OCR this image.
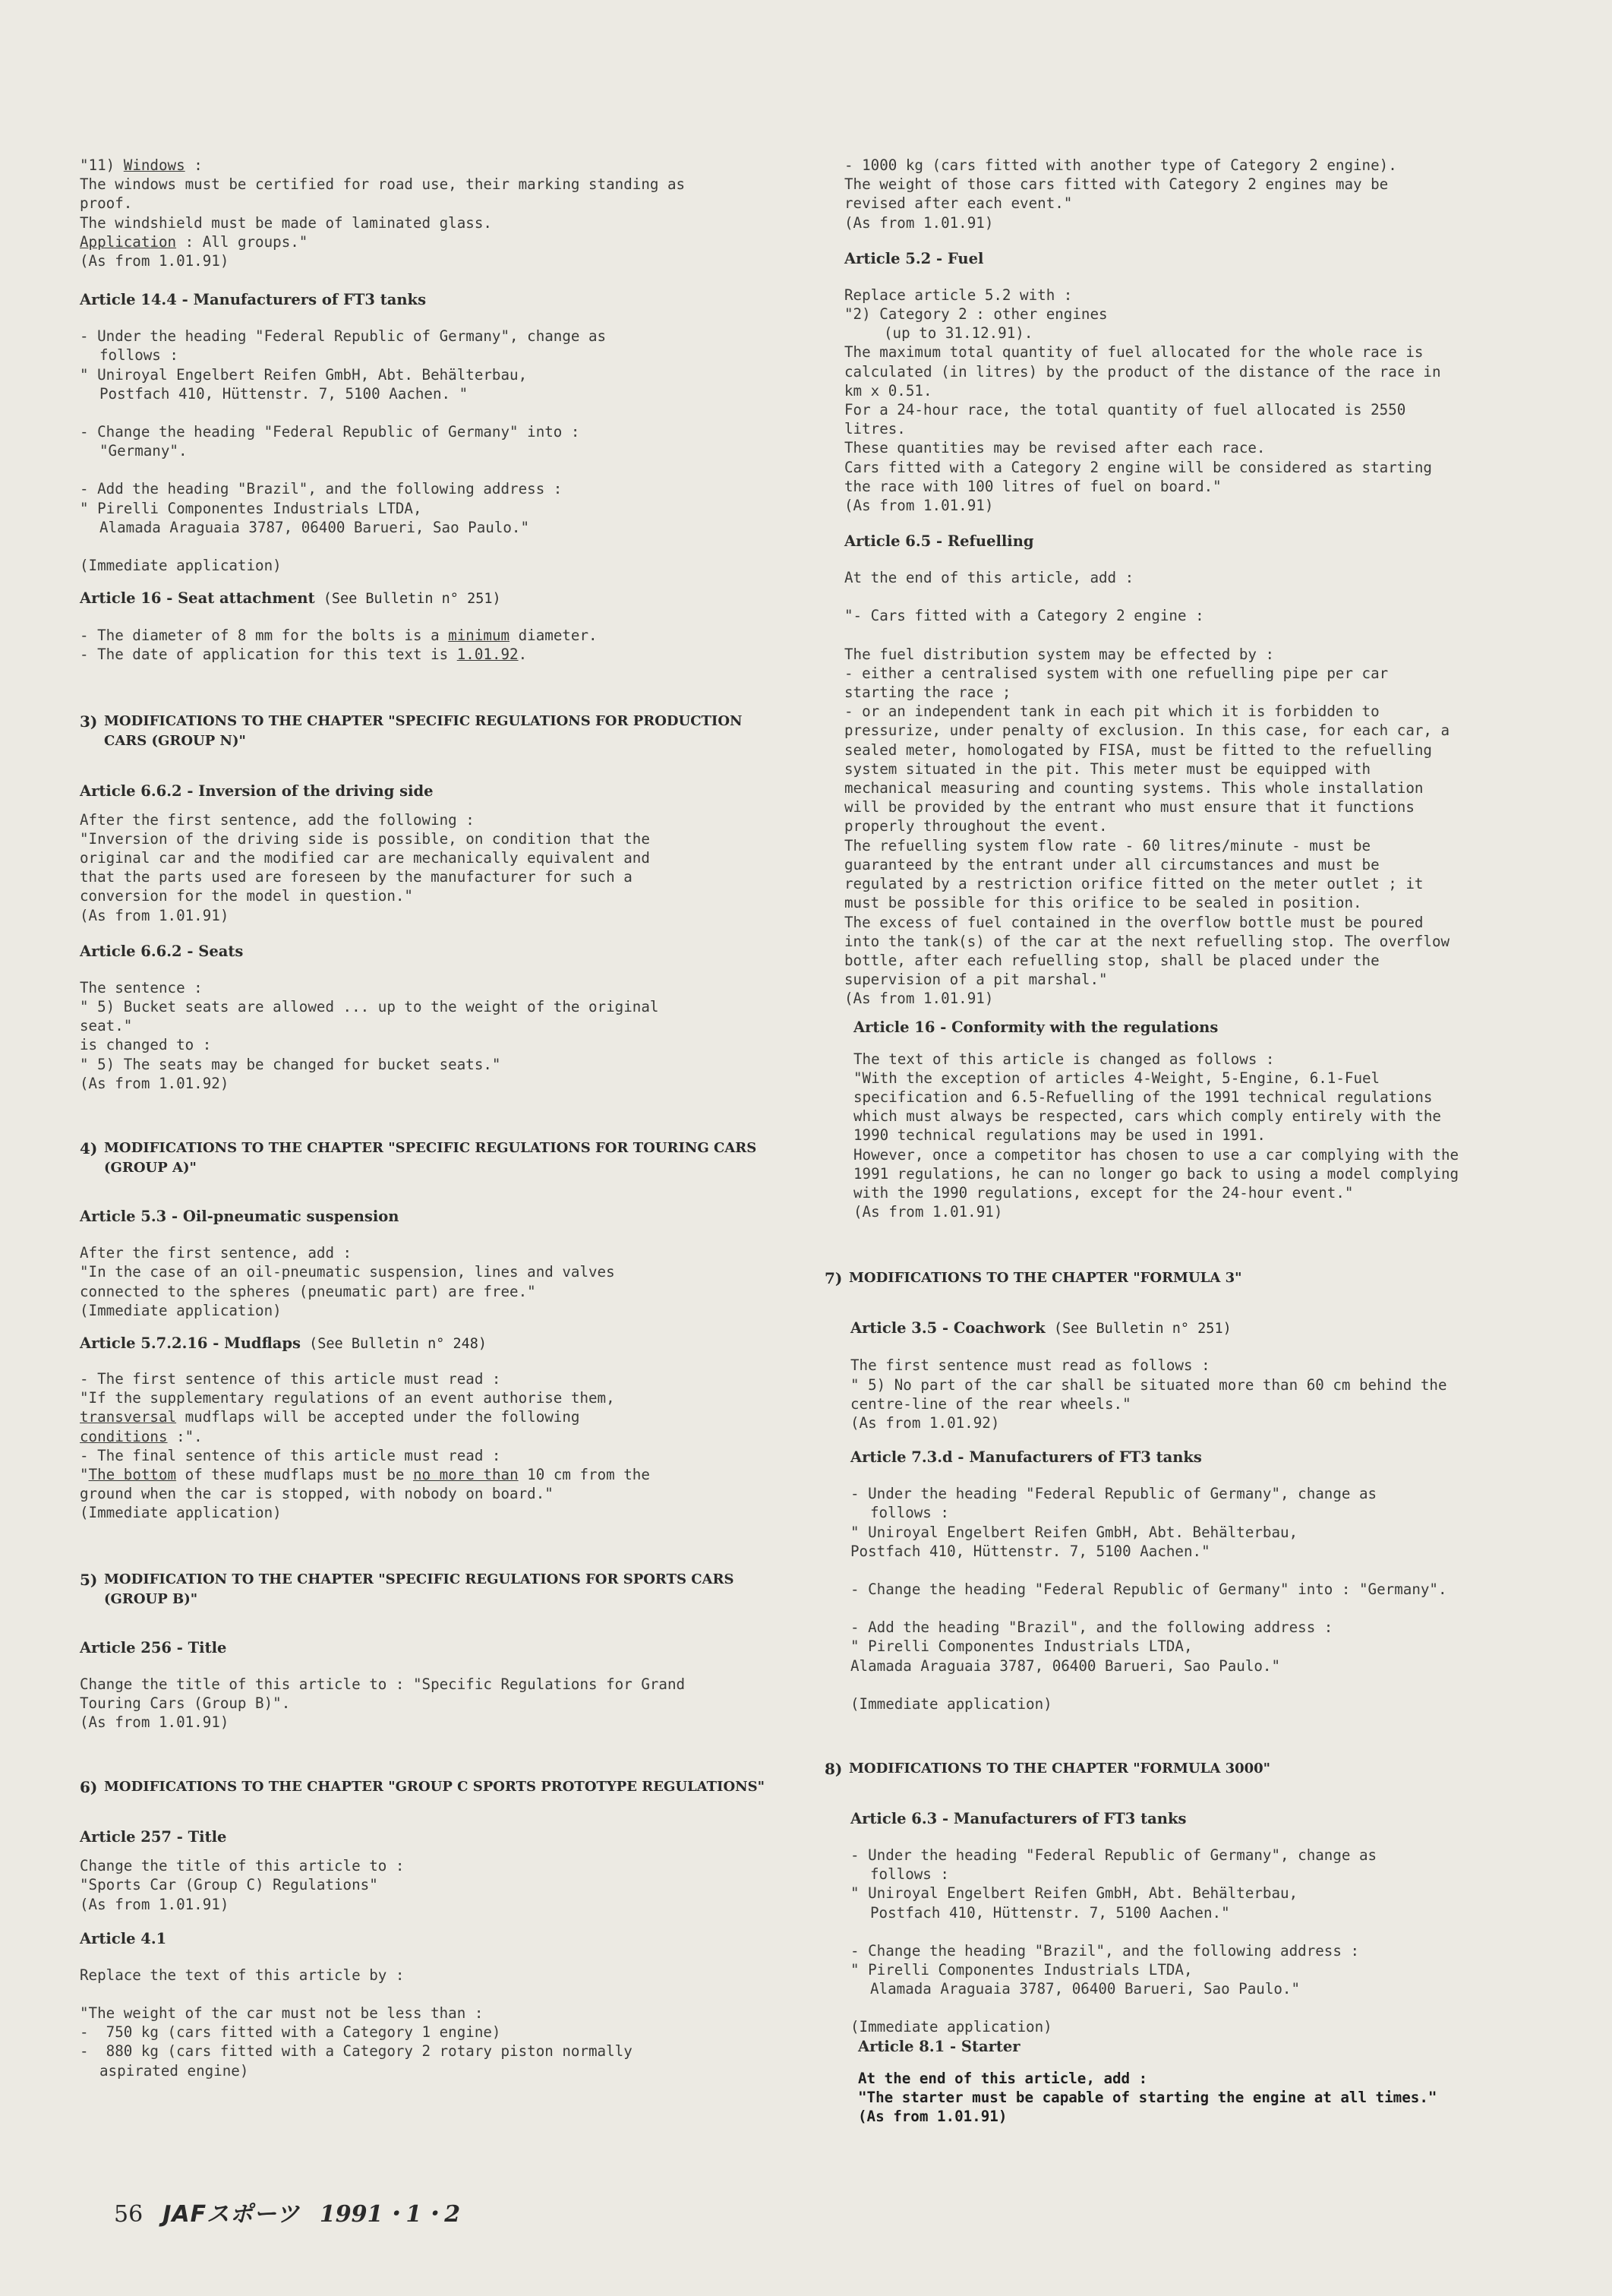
"11) Windows :
The windows must be certified for road use, their marking standing as
proof.
The windshield must be made of laminated glass.
Application : All groups."
(As from 1.01.91)
Article 14.4 - Manufacturers of FT3 tanks
- Under the heading "Federal Republic of Germany", change as
follows :
" Uniroyal Engelbert Reifen GmbH, Abt. Behälterbau,
Postfach 410, Hüttenstr. 7, 5100 Aachen. "
- Change the heading "Federal Republic of Germany" into :
"Germany".
- Add the heading "Brazil", and the following address :
" Pirelli Componentes Industrials LTDA,
Alamada Araguaia 3787, 06400 Barueri, Sao Paulo."
(Immediate application)
Article 16 - Seat attachment (See Bulletin n° 251)
- The diameter of 8 mm for the bolts is a minimum diameter.
- The date of application for this text is 1.01.92.
3) MODIFICATIONS TO THE CHAPTER "SPECIFIC REGULATIONS FOR PRODUCTION
CARS (GROUP N)"
Article 6.6.2 - Inversion of the driving side
After the first sentence, add the following :
"Inversion of the driving side is possible, on condition that the
original car and the modified car are mechanically equivalent and
that the parts used are foreseen by the manufacturer for such a
conversion for the model in question."
(As from 1.01.91)
Article 6.6.2 - Seats
The sentence :
" 5) Bucket seats are allowed ... up to the weight of the original
seat."
is changed to :
" 5) The seats may be changed for bucket seats."
(As from 1.01.92)
4) MODIFICATIONS TO THE CHAPTER "SPECIFIC REGULATIONS FOR TOURING CARS
(GROUP A)"
Article 5.3 - Oil-pneumatic suspension
After the first sentence, add :
"In the case of an oil-pneumatic suspension, lines and valves
connected to the spheres (pneumatic part) are free."
(Immediate application)
Article 5.7.2.16 - Mudflaps (See Bulletin n° 248)
- The first sentence of this article must read :
"If the supplementary regulations of an event authorise them,
transversal mudflaps will be accepted under the following
conditions :".
- The final sentence of this article must read :
"The bottom of these mudflaps must be no more than 10 cm from the
ground when the car is stopped, with nobody on board."
(Immediate application)
5) MODIFICATION TO THE CHAPTER "SPECIFIC REGULATIONS FOR SPORTS CARS
(GROUP B)"
Article 256 - Title
Change the title of this article to : "Specific Regulations for Grand
Touring Cars (Group B)".
(As from 1.01.91)
6) MODIFICATIONS TO THE CHAPTER "GROUP C SPORTS PROTOTYPE REGULATIONS"
Article 257 - Title
Change the title of this article to :
"Sports Car (Group C) Regulations"
(As from 1.01.91)
Article 4.1
Replace the text of this article by :
"The weight of the car must not be less than :
-  750 kg (cars fitted with a Category 1 engine)
-  880 kg (cars fitted with a Category 2 rotary piston normally
aspirated engine)
- 1000 kg (cars fitted with another type of Category 2 engine).
The weight of those cars fitted with Category 2 engines may be
revised after each event."
(As from 1.01.91)
Article 5.2 - Fuel
Replace article 5.2 with :
"2) Category 2 : other engines
(up to 31.12.91).
The maximum total quantity of fuel allocated for the whole race is
calculated (in litres) by the product of the distance of the race in
km x 0.51.
For a 24-hour race, the total quantity of fuel allocated is 2550
litres.
These quantities may be revised after each race.
Cars fitted with a Category 2 engine will be considered as starting
the race with 100 litres of fuel on board."
(As from 1.01.91)
Article 6.5 - Refuelling
At the end of this article, add :
"- Cars fitted with a Category 2 engine :
The fuel distribution system may be effected by :
- either a centralised system with one refuelling pipe per car
starting the race ;
- or an independent tank in each pit which it is forbidden to
pressurize, under penalty of exclusion. In this case, for each car, a
sealed meter, homologated by FISA, must be fitted to the refuelling
system situated in the pit. This meter must be equipped with
mechanical measuring and counting systems. This whole installation
will be provided by the entrant who must ensure that it functions
properly throughout the event.
The refuelling system flow rate - 60 litres/minute - must be
guaranteed by the entrant under all circumstances and must be
regulated by a restriction orifice fitted on the meter outlet ; it
must be possible for this orifice to be sealed in position.
The excess of fuel contained in the overflow bottle must be poured
into the tank(s) of the car at the next refuelling stop. The overflow
bottle, after each refuelling stop, shall be placed under the
supervision of a pit marshal."
(As from 1.01.91)
Article 16 - Conformity with the regulations
The text of this article is changed as follows :
"With the exception of articles 4-Weight, 5-Engine, 6.1-Fuel
specification and 6.5-Refuelling of the 1991 technical regulations
which must always be respected, cars which comply entirely with the
1990 technical regulations may be used in 1991.
However, once a competitor has chosen to use a car complying with the
1991 regulations, he can no longer go back to using a model complying
with the 1990 regulations, except for the 24-hour event."
(As from 1.01.91)
7) MODIFICATIONS TO THE CHAPTER "FORMULA 3"
Article 3.5 - Coachwork (See Bulletin n° 251)
The first sentence must read as follows :
" 5) No part of the car shall be situated more than 60 cm behind the
centre-line of the rear wheels."
(As from 1.01.92)
Article 7.3.d - Manufacturers of FT3 tanks
- Under the heading "Federal Republic of Germany", change as
follows :
" Uniroyal Engelbert Reifen GmbH, Abt. Behälterbau,
Postfach 410, Hüttenstr. 7, 5100 Aachen."
- Change the heading "Federal Republic of Germany" into : "Germany".
- Add the heading "Brazil", and the following address :
" Pirelli Componentes Industrials LTDA,
Alamada Araguaia 3787, 06400 Barueri, Sao Paulo."
(Immediate application)
8) MODIFICATIONS TO THE CHAPTER "FORMULA 3000"
Article 6.3 - Manufacturers of FT3 tanks
- Under the heading "Federal Republic of Germany", change as
follows :
" Uniroyal Engelbert Reifen GmbH, Abt. Behälterbau,
Postfach 410, Hüttenstr. 7, 5100 Aachen."
- Change the heading "Brazil", and the following address :
" Pirelli Componentes Industrials LTDA,
Alamada Araguaia 3787, 06400 Barueri, Sao Paulo."
(Immediate application)
Article 8.1 - Starter
At the end of this article, add :
"The starter must be capable of starting the engine at all times."
(As from 1.01.91)
56 JAFスポーツ 1991・1・2
